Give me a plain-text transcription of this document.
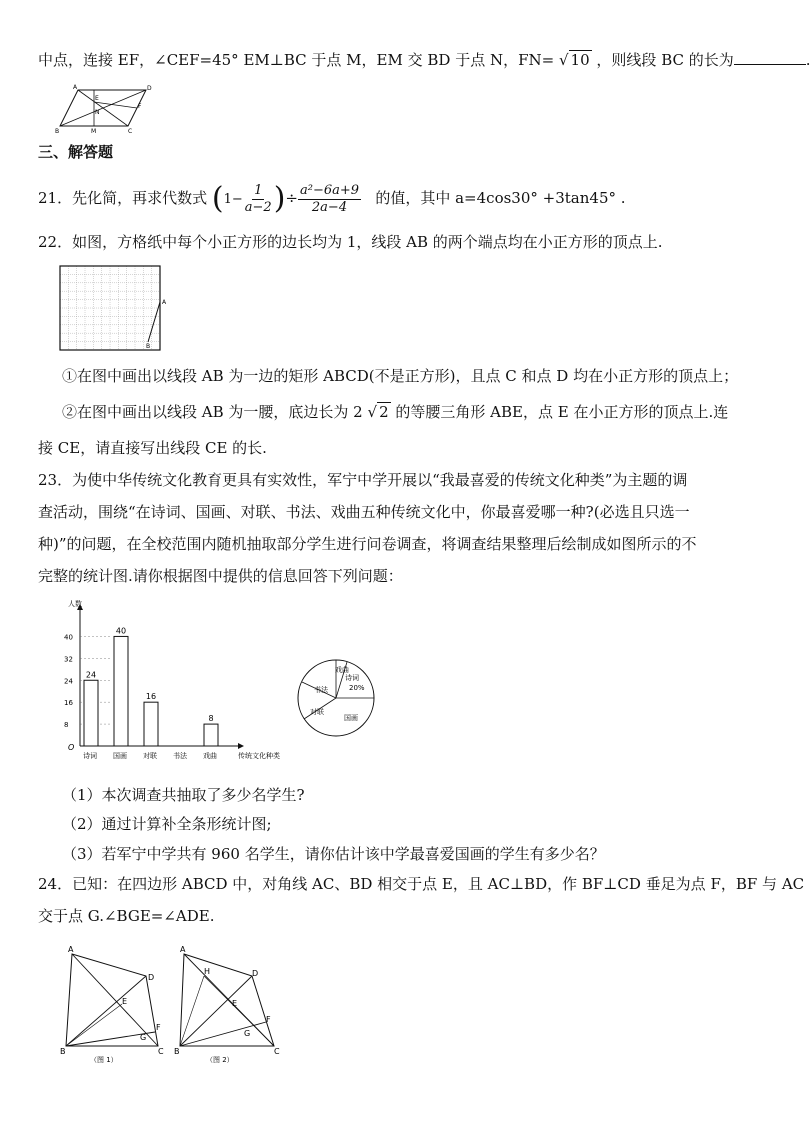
中点，连接 EF，∠CEF=45° EM⊥BC 于点 M，EM 交 BD 于点 N，FN= √ 10 ，则线段 BC 的长为	.
A	D
E
F
N
B	M	C
三、解答题
21．先化简，再求代数式 ($1- \frac{1}{a-2}$ )÷ $\frac{\text{a²−6a+9}}{2a-4}$ 的值，其中 a=4cos30° +3tan45° .
22．如图，方格纸中每个小正方形的边长均为 1，线段 AB 的两个端点均在小正方形的顶点上.
A
B
①在图中画出以线段 AB 为一边的矩形 ABCD(不是正方形)，且点 C 和点 D 均在小正方形的顶点上；
②在图中画出以线段 AB 为一腰，底边长为 2 √ 2 的等腰三角形 ABE，点 E 在小正方形的顶点上.连
接 CE，请直接写出线段 CE 的长.
23．为使中华传统文化教育更具有实效性，军宁中学开展以“我最喜爱的传统文化种类”为主题的调
查活动，围绕“在诗词、国画、对联、书法、戏曲五种传统文化中，你最喜爱哪一种?(必选且只选一
种)”的问题，在全校范围内随机抽取部分学生进行问卷调查，将调查结果整理后绘制成如图所示的不
完整的统计图.请你根据图中提供的信息回答下列问题：
人数
O
传统文化种类
8
16
24
32
40
诗词
24
国画
40
对联
16
书法 戏曲
8
戏曲
诗词
20%
书法
对联
国画
（1）本次调查共抽取了多少名学生?
（2）通过计算补全条形统计图;
（3）若军宁中学共有 960 名学生，请你估计该中学最喜爱国画的学生有多少名？
24．已知：在四边形 ABCD 中，对角线 AC、BD 相交于点 E，且 AC⊥BD，作 BF⊥CD 垂足为点 F，BF 与 AC
交于点 G.∠BGE=∠ADE.
A
D
E
F
G
B	C
（图 1）
A
H	D
E
F
G
B	C
（图 2）
